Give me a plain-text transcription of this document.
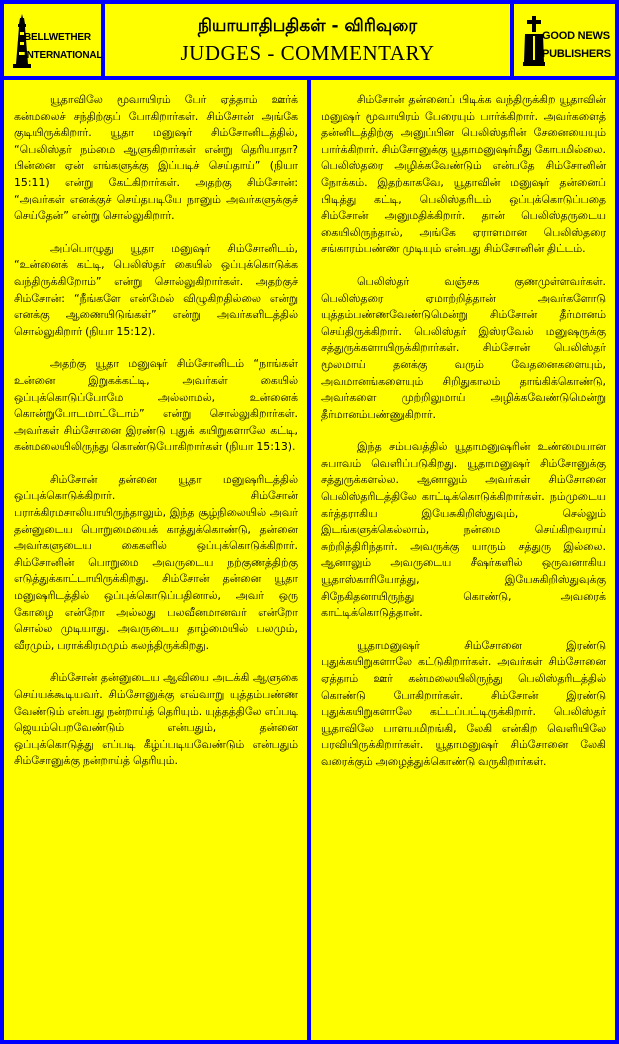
BELLWETHER
INTERNATIONAL
நியாயாதிபதிகள் - விரிவுரை
JUDGES - COMMENTARY
GOOD NEWS
PUBLISHERS

யூதாவிலே மூவாயிரம் பேர் ஏத்தாம் ஊர்க் கன்மலைச் சந்திற்குப் போகிறார்கள். சிம்சோன் அங்கே குடியிருக்கிறார். யூதா மனுஷர் சிம்சோனிடத்தில், “பெலிஸ்தர் நம்மை ஆளுகிறார்கள் என்று தெரியாதா? பின்னை ஏன் எங்களுக்கு இப்படிச் செய்தாய்” (நியா 15:11) என்று கேட்கிறார்கள். அதற்கு சிம்சோன்: “அவர்கள் எனக்குச் செய்தபடியே நானும் அவர்களுக்குச் செய்தேன்” என்று சொல்லுகிறார்.

அப்பொழுது யூதா மனுஷர் சிம்சோனிடம், “உன்னைக் கட்டி, பெலிஸ்தர் கையில் ஒப்புக்கொடுக்க வந்திருக்கிறோம்” என்று சொல்லுகிறார்கள். அதற்குச் சிம்சோன்: “நீங்களே என்மேல் விழுகிறதில்லை என்று எனக்கு ஆணையிடுங்கள்” என்று அவர்களிடத்தில் சொல்லுகிறார் (நியா 15:12).

அதற்கு யூதா மனுஷர் சிம்சோனிடம் “நாங்கள் உன்னை இறுகக்கட்டி, அவர்கள் கையில் ஒப்புக்கொடுப்போமே அல்லாமல், உன்னைக் கொன்றுபோடமாட்டோம்” என்று சொல்லுகிறார்கள். அவர்கள் சிம்சோனை இரண்டு புதுக் கயிறுகளாலே கட்டி, கன்மலையிலிருந்து கொண்டுபோகிறார்கள் (நியா 15:13).

சிம்சோன் தன்னை யூதா மனுஷரிடத்தில் ஒப்புக்கொடுக்கிறார். சிம்சோன் பராக்கிரமசாலியாயிருந்தாலும், இந்த சூழ்நிலையில் அவர் தன்னுடைய பொறுமையைக் காத்துக்கொண்டு, தன்னை அவர்களுடைய கைகளில் ஒப்புக்கொடுக்கிறார். சிம்சோனின் பொறுமை அவருடைய நற்குணத்திற்கு எடுத்துக்காட்டாயிருக்கிறது. சிம்சோன் தன்னை யூதா மனுஷரிடத்தில் ஒப்புக்கொடுப்பதினால், அவர் ஒரு கோழை என்றோ அல்லது பலவீனமானவர் என்றோ சொல்ல முடியாது. அவருடைய தாழ்மையில் பலமும், வீரமும், பராக்கிரமமும் கலந்திருக்கிறது.

சிம்சோன் தன்னுடைய ஆவியை அடக்கி ஆளுகை செய்யக்கூடியவர். சிம்சோனுக்கு எவ்வாறு யுத்தம்பண்ண வேண்டும் என்பது நன்றாய்த் தெரியும். யுத்தத்திலே எப்படி ஜெயம்பெறவேண்டும் என்பதும், தன்னை ஒப்புக்கொடுத்து எப்படி கீழ்ப்படியவேண்டும் என்பதும் சிம்சோனுக்கு நன்றாய்த் தெரியும்.

சிம்சோன் தன்னைப் பிடிக்க வந்திருக்கிற யூதாவின் மனுஷர் மூவாயிரம் பேரையும் பார்க்கிறார். அவர்களைத் தன்னிடத்திற்கு அனுப்பின பெலிஸ்தரின் சேனையையும் பார்க்கிறார். சிம்சோனுக்கு யூதாமனுஷர்மீது கோபமில்லை. பெலிஸ்தரை அழிக்கவேண்டும் என்பதே சிம்சோனின் நோக்கம். இதற்காகவே, யூதாவின் மனுஷர் தன்னைப் பிடித்து கட்டி, பெலிஸ்தரிடம் ஒப்புக்கொடுப்பதை சிம்சோன் அனுமதிக்கிறார். தான் பெலிஸ்தருடைய கையிலிருந்தால், அங்கே ஏராளமான பெலிஸ்தரை சங்காரம்பண்ண முடியும் என்பது சிம்சோனின் திட்டம்.

பெலிஸ்தர் வஞ்சக குணமுள்ளவர்கள். பெலிஸ்தரை ஏமாற்றித்தான் அவர்களோடு யுத்தம்பண்ணவேண்டுமென்று சிம்சோன் தீர்மானம் செய்திருக்கிறார். பெலிஸ்தர் இஸ்ரவேல் மனுஷருக்கு சத்துருக்களாயிருக்கிறார்கள். சிம்சோன் பெலிஸ்தர் மூலமாய் தனக்கு வரும் வேதனைகளையும், அவமானங்களையும் சிறிதுகாலம் தாங்கிக்கொண்டு, அவர்களை முற்றிலுமாய் அழிக்கவேண்டுமென்று தீர்மானம்பண்ணுகிறார்.

இந்த சம்பவத்தில் யூதாமனுஷரின் உண்மையான சுபாவம் வெளிப்படுகிறது. யூதாமனுஷர் சிம்சோனுக்கு சத்துருக்களல்ல. ஆனாலும் அவர்கள் சிம்சோனை பெலிஸ்தரிடத்திலே காட்டிக்கொடுக்கிறார்கள். நம்முடைய கர்த்தராகிய இயேசுகிறிஸ்துவும், செல்லும் இடங்களுக்கெல்லாம், நன்மை செய்கிறவராய் சுற்றித்திரிந்தார். அவருக்கு யாரும் சத்துரு இல்லை. ஆனாலும் அவருடைய சீஷர்களில் ஒருவனாகிய யூதாஸ்காரியோத்து, இயேசுகிறிஸ்துவுக்கு சிநேகிதனாயிருந்து கொண்டு, அவரைக் காட்டிக்கொடுத்தான்.

யூதாமனுஷர் சிம்சோனை இரண்டு புதுக்கயிறுகளாலே கட்டுகிறார்கள். அவர்கள் சிம்சோனை ஏத்தாம் ஊர் கன்மலையிலிருந்து பெலிஸ்தரிடத்தில் கொண்டு போகிறார்கள். சிம்சோன் இரண்டு புதுக்கயிறுகளாலே கட்டப்பட்டிருக்கிறார். பெலிஸ்தர் யூதாவிலே பாளயமிறங்கி, லேகி என்கிற வெளியிலே பரவியிருக்கிறார்கள். யூதாமனுஷர் சிம்சோனை லேகி வரைக்கும் அழைத்துக்கொண்டு வருகிறார்கள்.
